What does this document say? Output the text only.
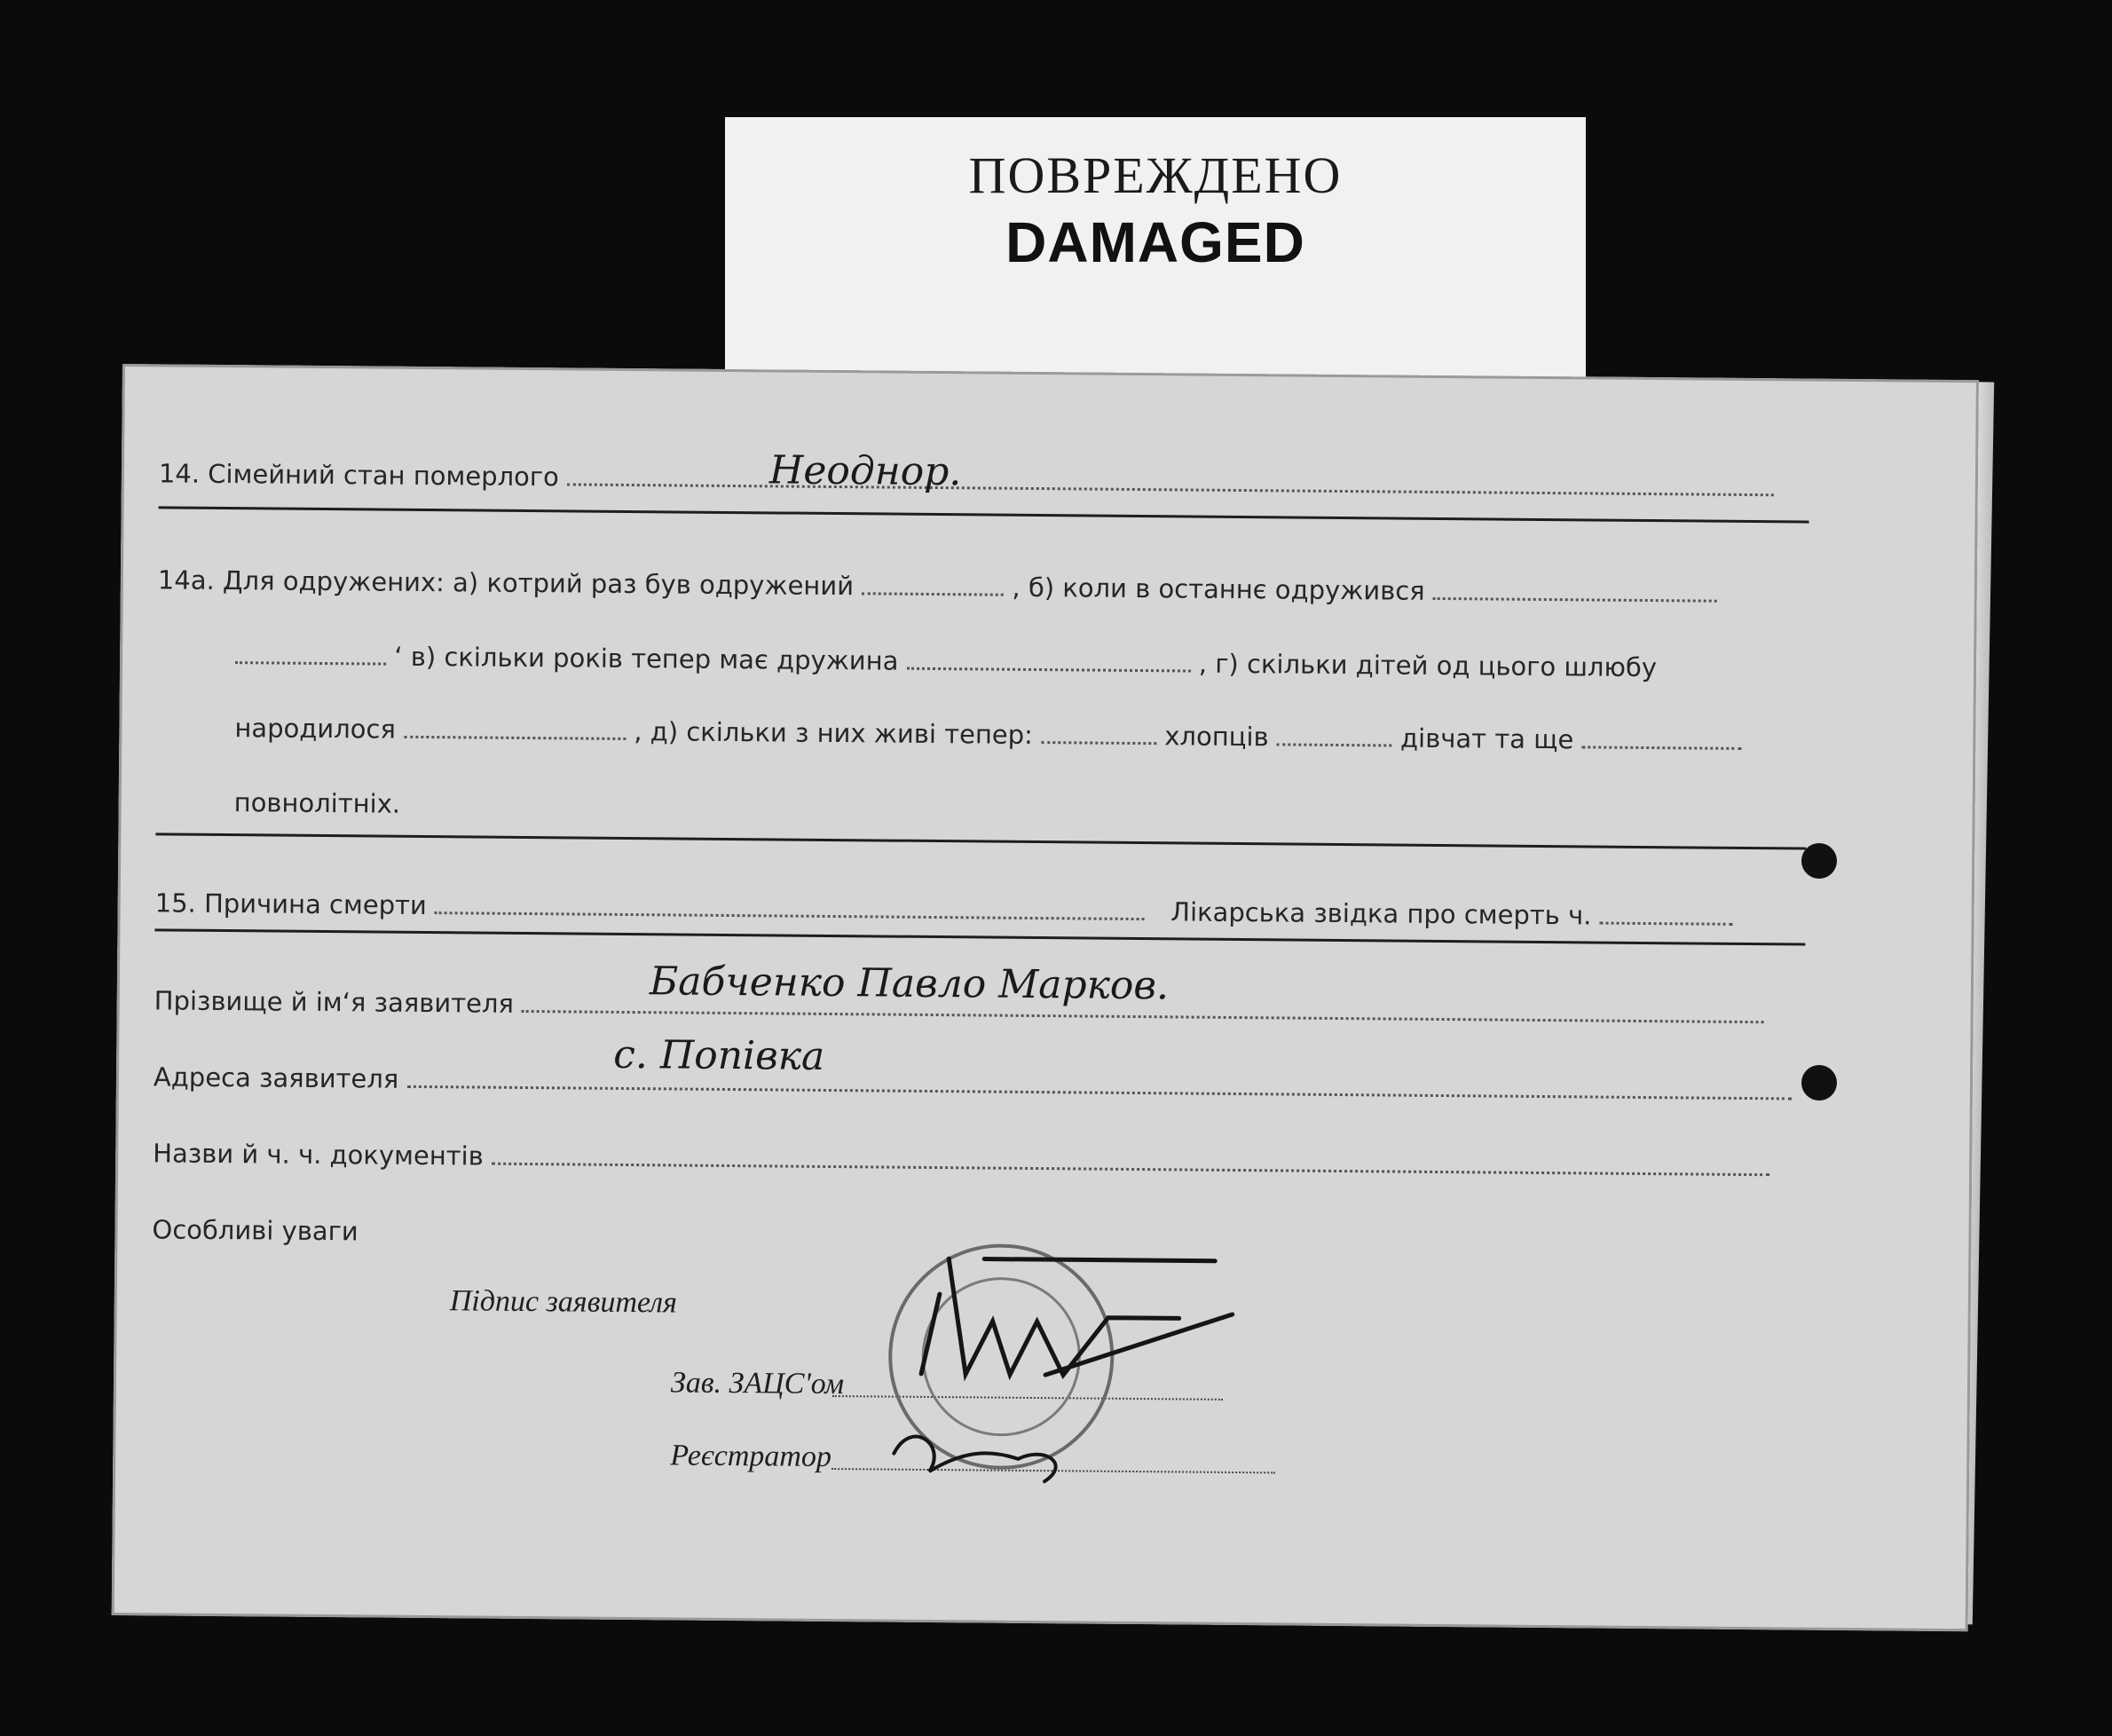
ПОВРЕЖДЕНО
DAMAGED
14. Сімейний стан померлого	Неоднор.
14а. Для одружених: а) котрий раз був одружений	, б) коли в останнє одружився
‘ в) скільки років тепер має дружина	, г) скільки дітей од цього шлюбу
народилося	, д) скільки з них живі тепер:	хлопців	дівчат та ще
повнолітніх.
15. Причина смерти	Лікарська звідка про смерть ч.
Прізвище й ім‘я заявителя	Бабченко Павло Марков.
Адреса заявителя	с. Попівка
Назви й ч. ч. документів
Особливі уваги
Підпис заявителя
Зав. ЗАЦС'ом
Реєстратор
